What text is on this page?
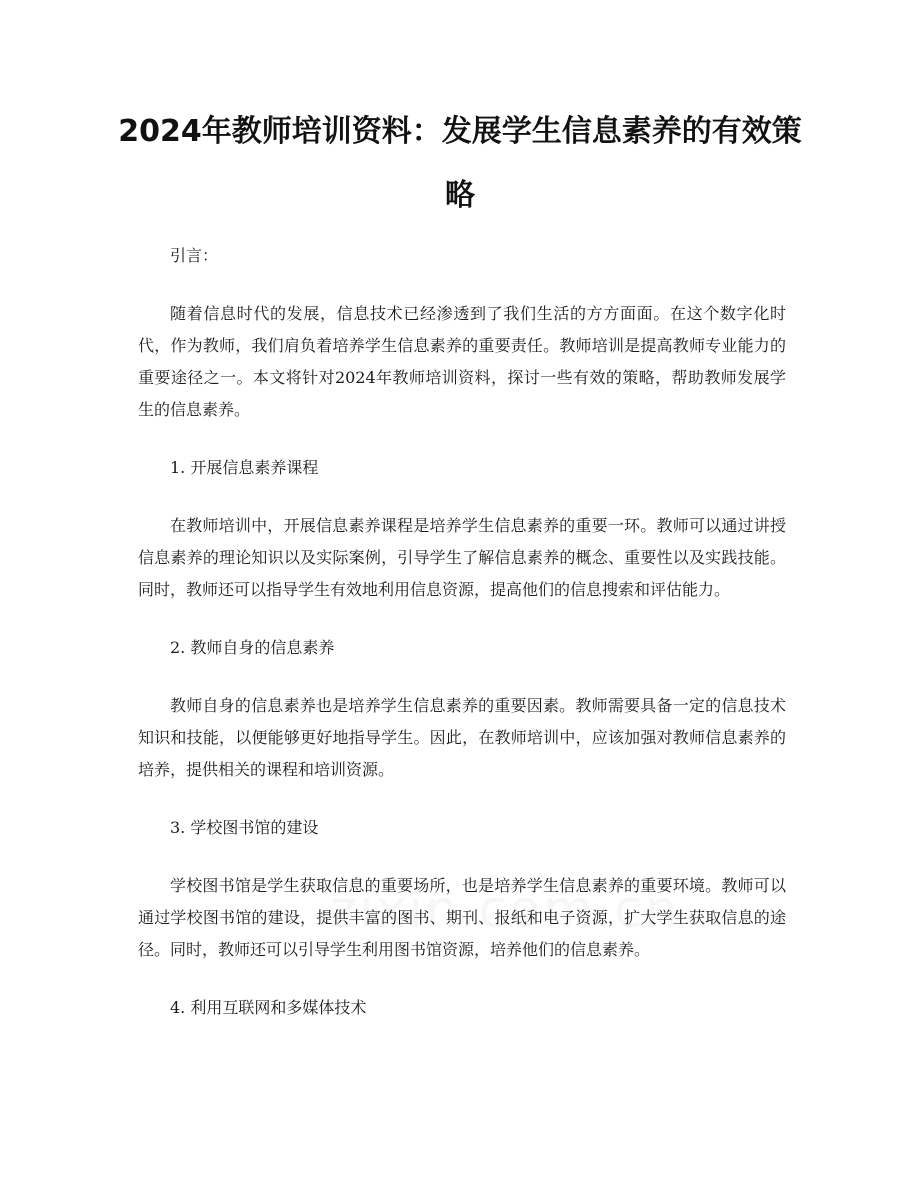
2024年教师培训资料：发展学生信息素养的有效策略

引言：

随着信息时代的发展，信息技术已经渗透到了我们生活的方方面面。在这个数字化时代，作为教师，我们肩负着培养学生信息素养的重要责任。教师培训是提高教师专业能力的重要途径之一。本文将针对2024年教师培训资料，探讨一些有效的策略，帮助教师发展学生的信息素养。

1. 开展信息素养课程

在教师培训中，开展信息素养课程是培养学生信息素养的重要一环。教师可以通过讲授信息素养的理论知识以及实际案例，引导学生了解信息素养的概念、重要性以及实践技能。同时，教师还可以指导学生有效地利用信息资源，提高他们的信息搜索和评估能力。

2. 教师自身的信息素养

教师自身的信息素养也是培养学生信息素养的重要因素。教师需要具备一定的信息技术知识和技能，以便能够更好地指导学生。因此，在教师培训中，应该加强对教师信息素养的培养，提供相关的课程和培训资源。

3. 学校图书馆的建设

学校图书馆是学生获取信息的重要场所，也是培养学生信息素养的重要环境。教师可以通过学校图书馆的建设，提供丰富的图书、期刊、报纸和电子资源，扩大学生获取信息的途径。同时，教师还可以引导学生利用图书馆资源，培养他们的信息素养。

4. 利用互联网和多媒体技术
